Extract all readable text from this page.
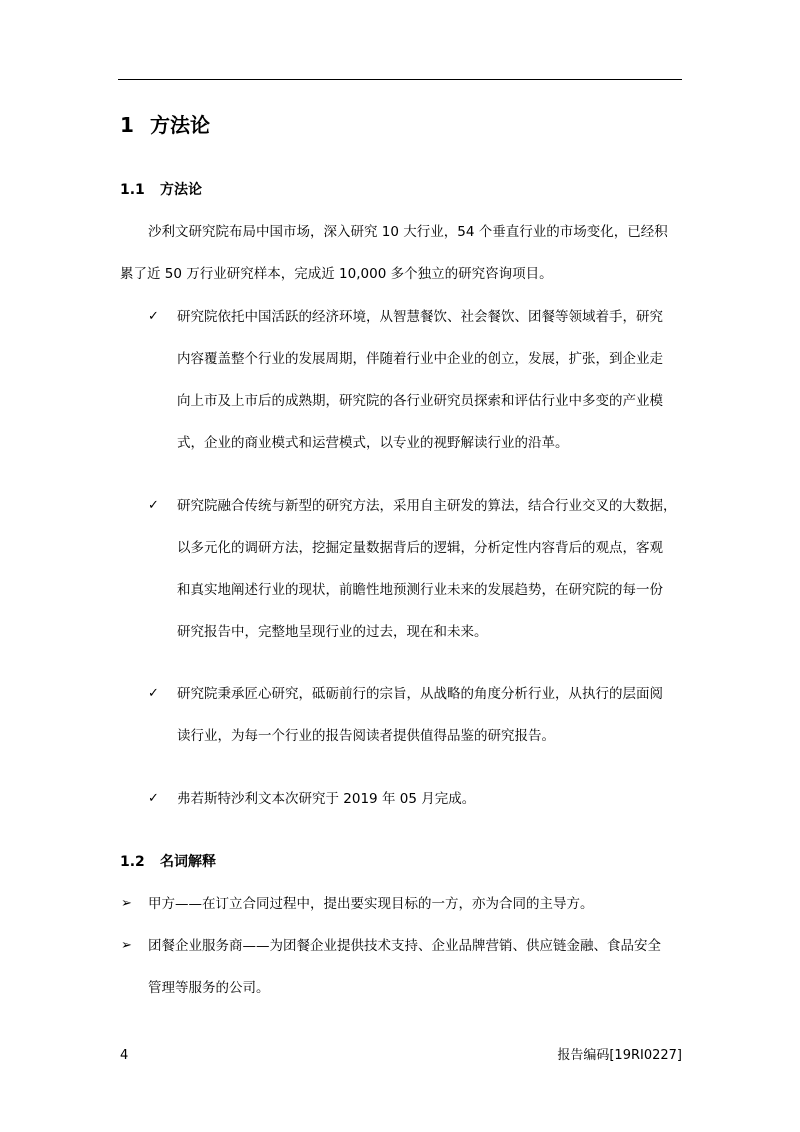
1 方法论
1.1 方法论
沙利文研究院布局中国市场，深入研究 10 大行业，54 个垂直行业的市场变化，已经积
累了近 50 万行业研究样本，完成近 10,000 多个独立的研究咨询项目。
✓ 研究院依托中国活跃的经济环境，从智慧餐饮、社会餐饮、团餐等领域着手，研究
内容覆盖整个行业的发展周期，伴随着行业中企业的创立，发展，扩张，到企业走
向上市及上市后的成熟期，研究院的各行业研究员探索和评估行业中多变的产业模
式，企业的商业模式和运营模式，以专业的视野解读行业的沿革。
✓ 研究院融合传统与新型的研究方法，采用自主研发的算法，结合行业交叉的大数据，
以多元化的调研方法，挖掘定量数据背后的逻辑，分析定性内容背后的观点，客观
和真实地阐述行业的现状，前瞻性地预测行业未来的发展趋势，在研究院的每一份
研究报告中，完整地呈现行业的过去，现在和未来。
✓ 研究院秉承匠心研究，砥砺前行的宗旨，从战略的角度分析行业，从执行的层面阅
读行业，为每一个行业的报告阅读者提供值得品鉴的研究报告。
✓ 弗若斯特沙利文本次研究于 2019 年 05 月完成。
1.2 名词解释
➢ 甲方——在订立合同过程中，提出要实现目标的一方，亦为合同的主导方。
➢ 团餐企业服务商——为团餐企业提供技术支持、企业品牌营销、供应链金融、食品安全
管理等服务的公司。
4	报告编码[19RI0227]
